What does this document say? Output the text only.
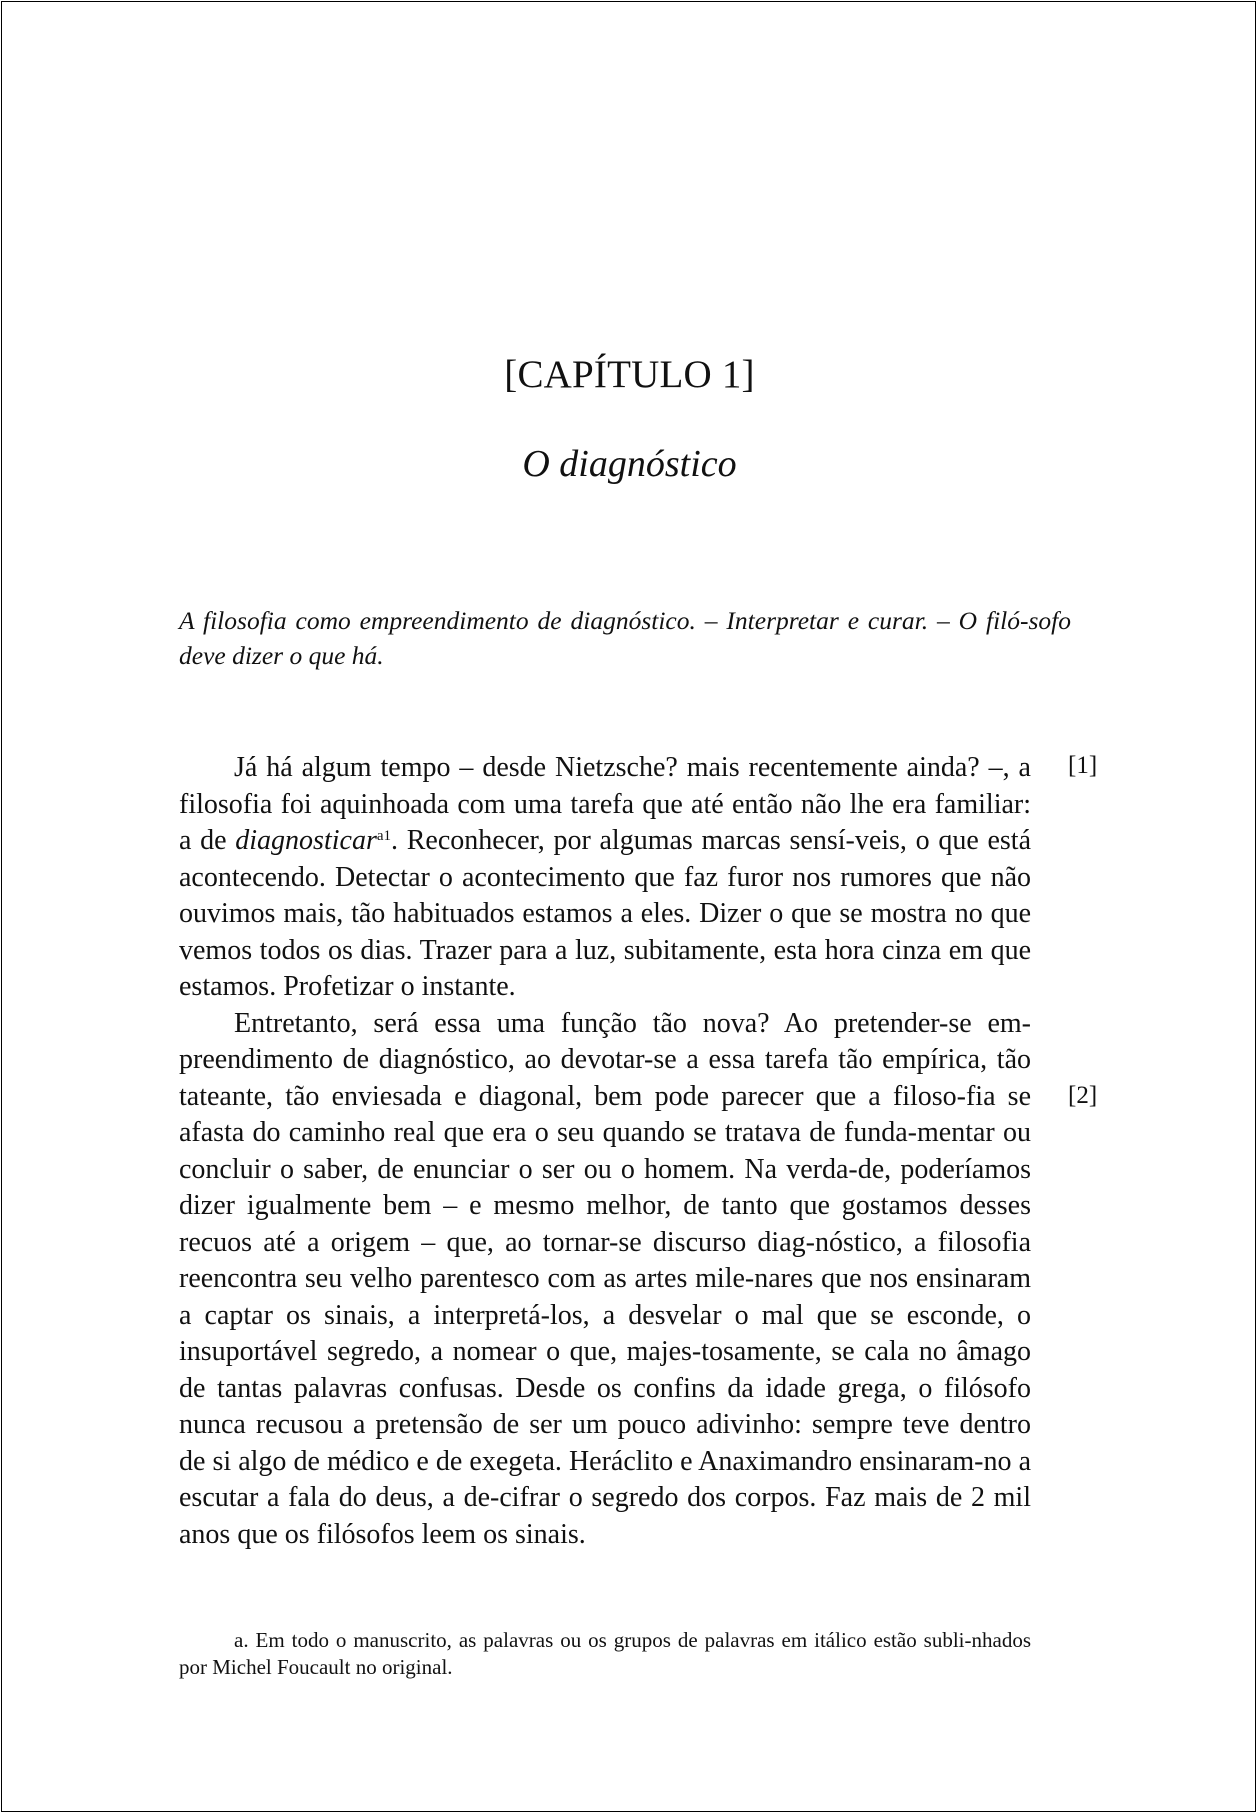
[CAPÍTULO 1]
O diagnóstico
A filosofia como empreendimento de diagnóstico. – Interpretar e curar. – O filó-sofo deve dizer o que há.

Já há algum tempo – desde Nietzsche? mais recentemente ainda? –, a filosofia foi aquinhoada com uma tarefa que até então não lhe era familiar: a de diagnosticar$^{a1}$. Reconhecer, por algumas marcas sensí-veis, o que está acontecendo. Detectar o acontecimento que faz furor nos rumores que não ouvimos mais, tão habituados estamos a eles. Dizer o que se mostra no que vemos todos os dias. Trazer para a luz, subitamente, esta hora cinza em que estamos. Profetizar o instante.

Entretanto, será essa uma função tão nova? Ao pretender-se em-preendimento de diagnóstico, ao devotar-se a essa tarefa tão empírica, tão tateante, tão enviesada e diagonal, bem pode parecer que a filoso-fia se afasta do caminho real que era o seu quando se tratava de funda-mentar ou concluir o saber, de enunciar o ser ou o homem. Na verda-de, poderíamos dizer igualmente bem – e mesmo melhor, de tanto que gostamos desses recuos até a origem – que, ao tornar-se discurso diag-nóstico, a filosofia reencontra seu velho parentesco com as artes mile-nares que nos ensinaram a captar os sinais, a interpretá-los, a desvelar o mal que se esconde, o insuportável segredo, a nomear o que, majes-tosamente, se cala no âmago de tantas palavras confusas. Desde os confins da idade grega, o filósofo nunca recusou a pretensão de ser um pouco adivinho: sempre teve dentro de si algo de médico e de exegeta. Heráclito e Anaximandro ensinaram-no a escutar a fala do deus, a de-cifrar o segredo dos corpos. Faz mais de 2 mil anos que os filósofos leem os sinais.

[1]
[2]
a. Em todo o manuscrito, as palavras ou os grupos de palavras em itálico estão subli-nhados por Michel Foucault no original.
